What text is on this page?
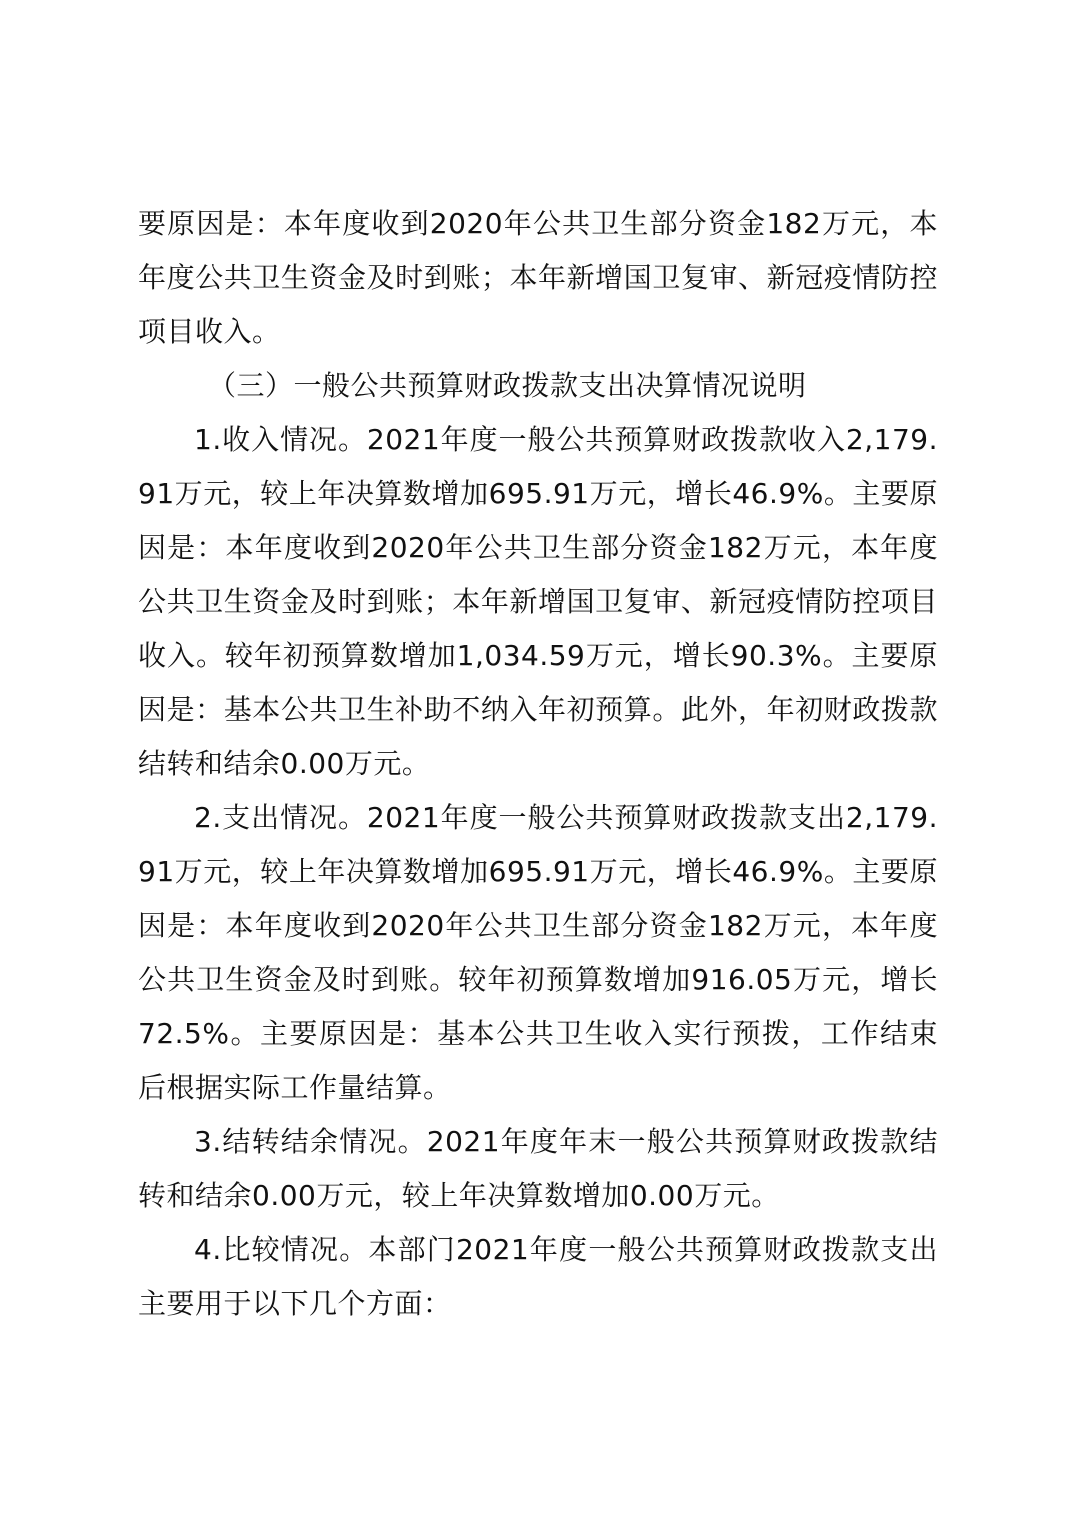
要原因是：本年度收到2020年公共卫生部分资金182万元，本年度公共卫生资金及时到账；本年新增国卫复审、新冠疫情防控项目收入。

（三）一般公共预算财政拨款支出决算情况说明

1.收入情况。2021年度一般公共预算财政拨款收入2,179.91万元，较上年决算数增加695.91万元，增长46.9%。主要原因是：本年度收到2020年公共卫生部分资金182万元，本年度公共卫生资金及时到账；本年新增国卫复审、新冠疫情防控项目收入。较年初预算数增加1,034.59万元，增长90.3%。主要原因是：基本公共卫生补助不纳入年初预算。此外，年初财政拨款结转和结余0.00万元。

2.支出情况。2021年度一般公共预算财政拨款支出2,179.91万元，较上年决算数增加695.91万元，增长46.9%。主要原因是：本年度收到2020年公共卫生部分资金182万元，本年度公共卫生资金及时到账。较年初预算数增加916.05万元，增长72.5%。主要原因是：基本公共卫生收入实行预拨，工作结束后根据实际工作量结算。

3.结转结余情况。2021年度年末一般公共预算财政拨款结转和结余0.00万元，较上年决算数增加0.00万元。

4.比较情况。本部门2021年度一般公共预算财政拨款支出主要用于以下几个方面：
